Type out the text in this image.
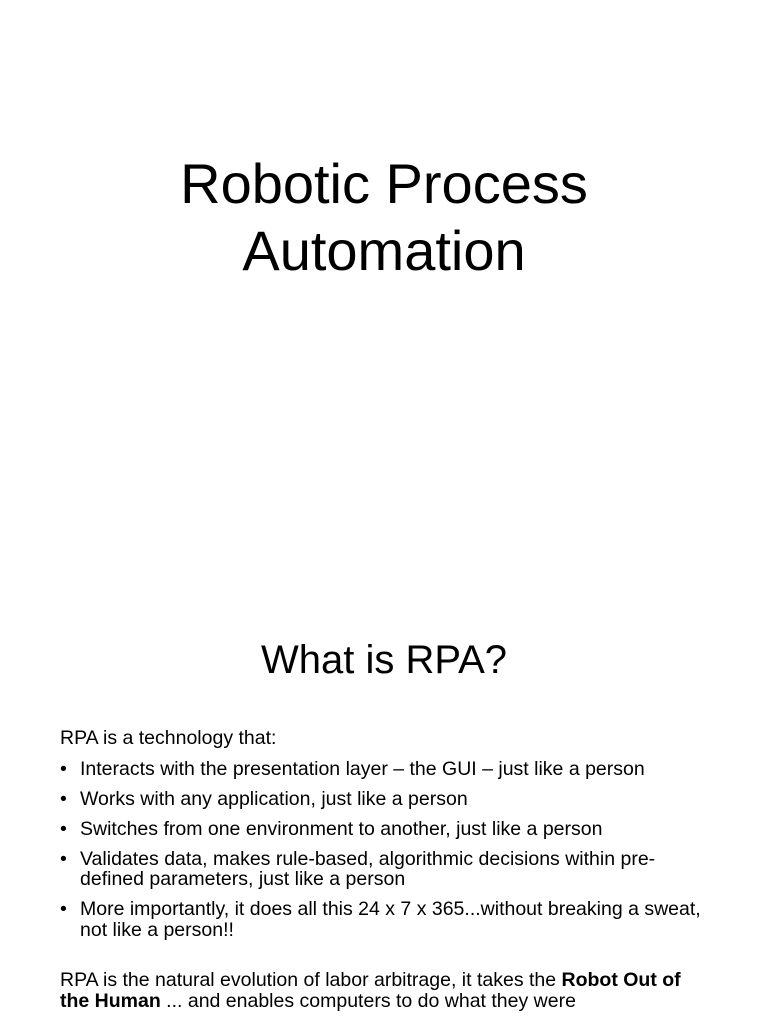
Robotic Process
Automation
What is RPA?

RPA is a technology that:

• Interacts with the presentation layer – the GUI – just like a person
• Works with any application, just like a person
• Switches from one environment to another, just like a person
• Validates data, makes rule-based, algorithmic decisions within pre-defined parameters, just like a person
• More importantly, it does all this 24 x 7 x 365...without breaking a sweat, not like a person!!

RPA is the natural evolution of labor arbitrage, it takes the Robot Out of the Human ... and enables computers to do what they were
